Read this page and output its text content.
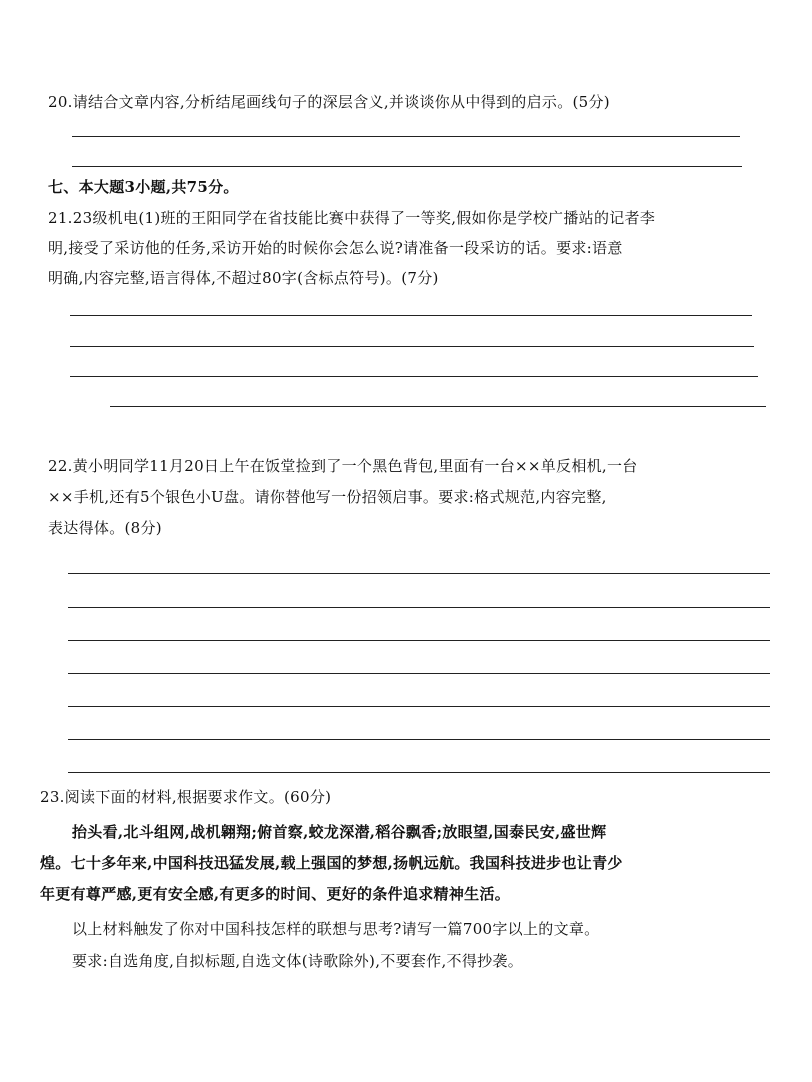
20.请结合文章内容,分析结尾画线句子的深层含义,并谈谈你从中得到的启示。(5分)

七、本大题3小题,共75分。

21.23级机电(1)班的王阳同学在省技能比赛中获得了一等奖,假如你是学校广播站的记者李

明,接受了采访他的任务,采访开始的时候你会怎么说?请准备一段采访的话。要求:语意

明确,内容完整,语言得体,不超过80字(含标点符号)。(7分)

22.黄小明同学11月20日上午在饭堂捡到了一个黑色背包,里面有一台××单反相机,一台

××手机,还有5个银色小U盘。请你替他写一份招领启事。要求:格式规范,内容完整,

表达得体。(8分)

23.阅读下面的材料,根据要求作文。(60分)

抬头看,北斗组网,战机翱翔;俯首察,蛟龙深潜,稻谷飘香;放眼望,国泰民安,盛世辉

煌。七十多年来,中国科技迅猛发展,载上强国的梦想,扬帆远航。我国科技进步也让青少

年更有尊严感,更有安全感,有更多的时间、更好的条件追求精神生活。

以上材料触发了你对中国科技怎样的联想与思考?请写一篇700字以上的文章。

要求:自选角度,自拟标题,自选文体(诗歌除外),不要套作,不得抄袭。
